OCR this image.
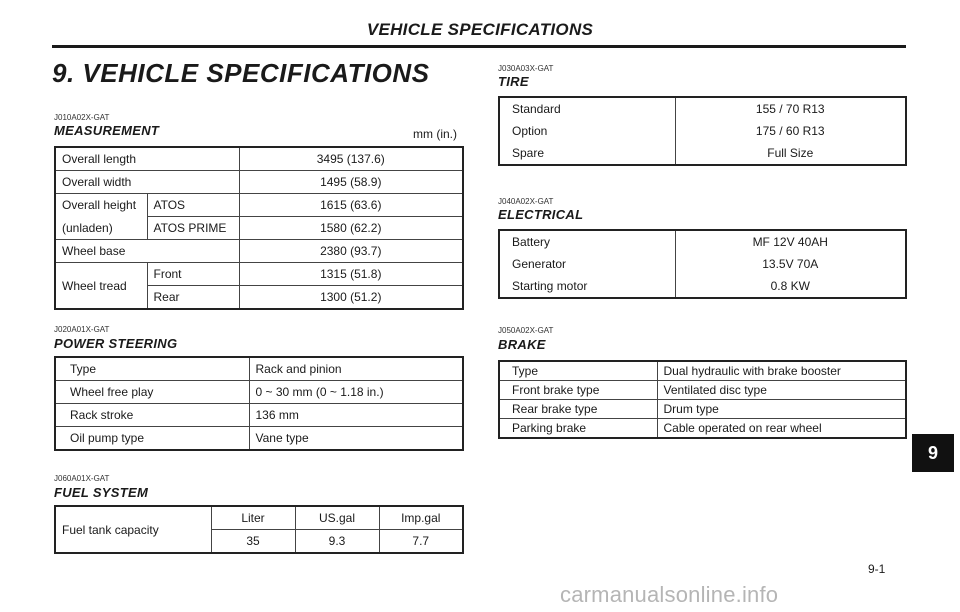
VEHICLE SPECIFICATIONS
9. VEHICLE SPECIFICATIONS
J010A02X-GAT
MEASUREMENT	mm (in.)
Overall length		3495 (137.6)
Overall width		1495 (58.9)
Overall height	ATOS	1615 (63.6)
(unladen)	ATOS PRIME	1580 (62.2)
Wheel base		2380 (93.7)
Wheel tread	Front	1315 (51.8)
	Rear	1300 (51.2)
J020A01X-GAT
POWER STEERING
Type	Rack and pinion
Wheel free play	0 ~ 30 mm (0 ~ 1.18 in.)
Rack stroke	136 mm
Oil pump type	Vane type
J060A01X-GAT
FUEL SYSTEM
Fuel tank capacity	Liter	US.gal	Imp.gal
	35	9.3	7.7
J030A03X-GAT
TIRE
Standard	155 / 70 R13
Option	175 / 60 R13
Spare	Full Size
J040A02X-GAT
ELECTRICAL
Battery	MF 12V 40AH
Generator	13.5V 70A
Starting motor	0.8 KW
J050A02X-GAT
BRAKE
Type	Dual hydraulic with brake booster
Front brake type	Ventilated disc type
Rear brake type	Drum type
Parking brake	Cable operated on rear wheel
9
9-1
carmanualsonline.info
